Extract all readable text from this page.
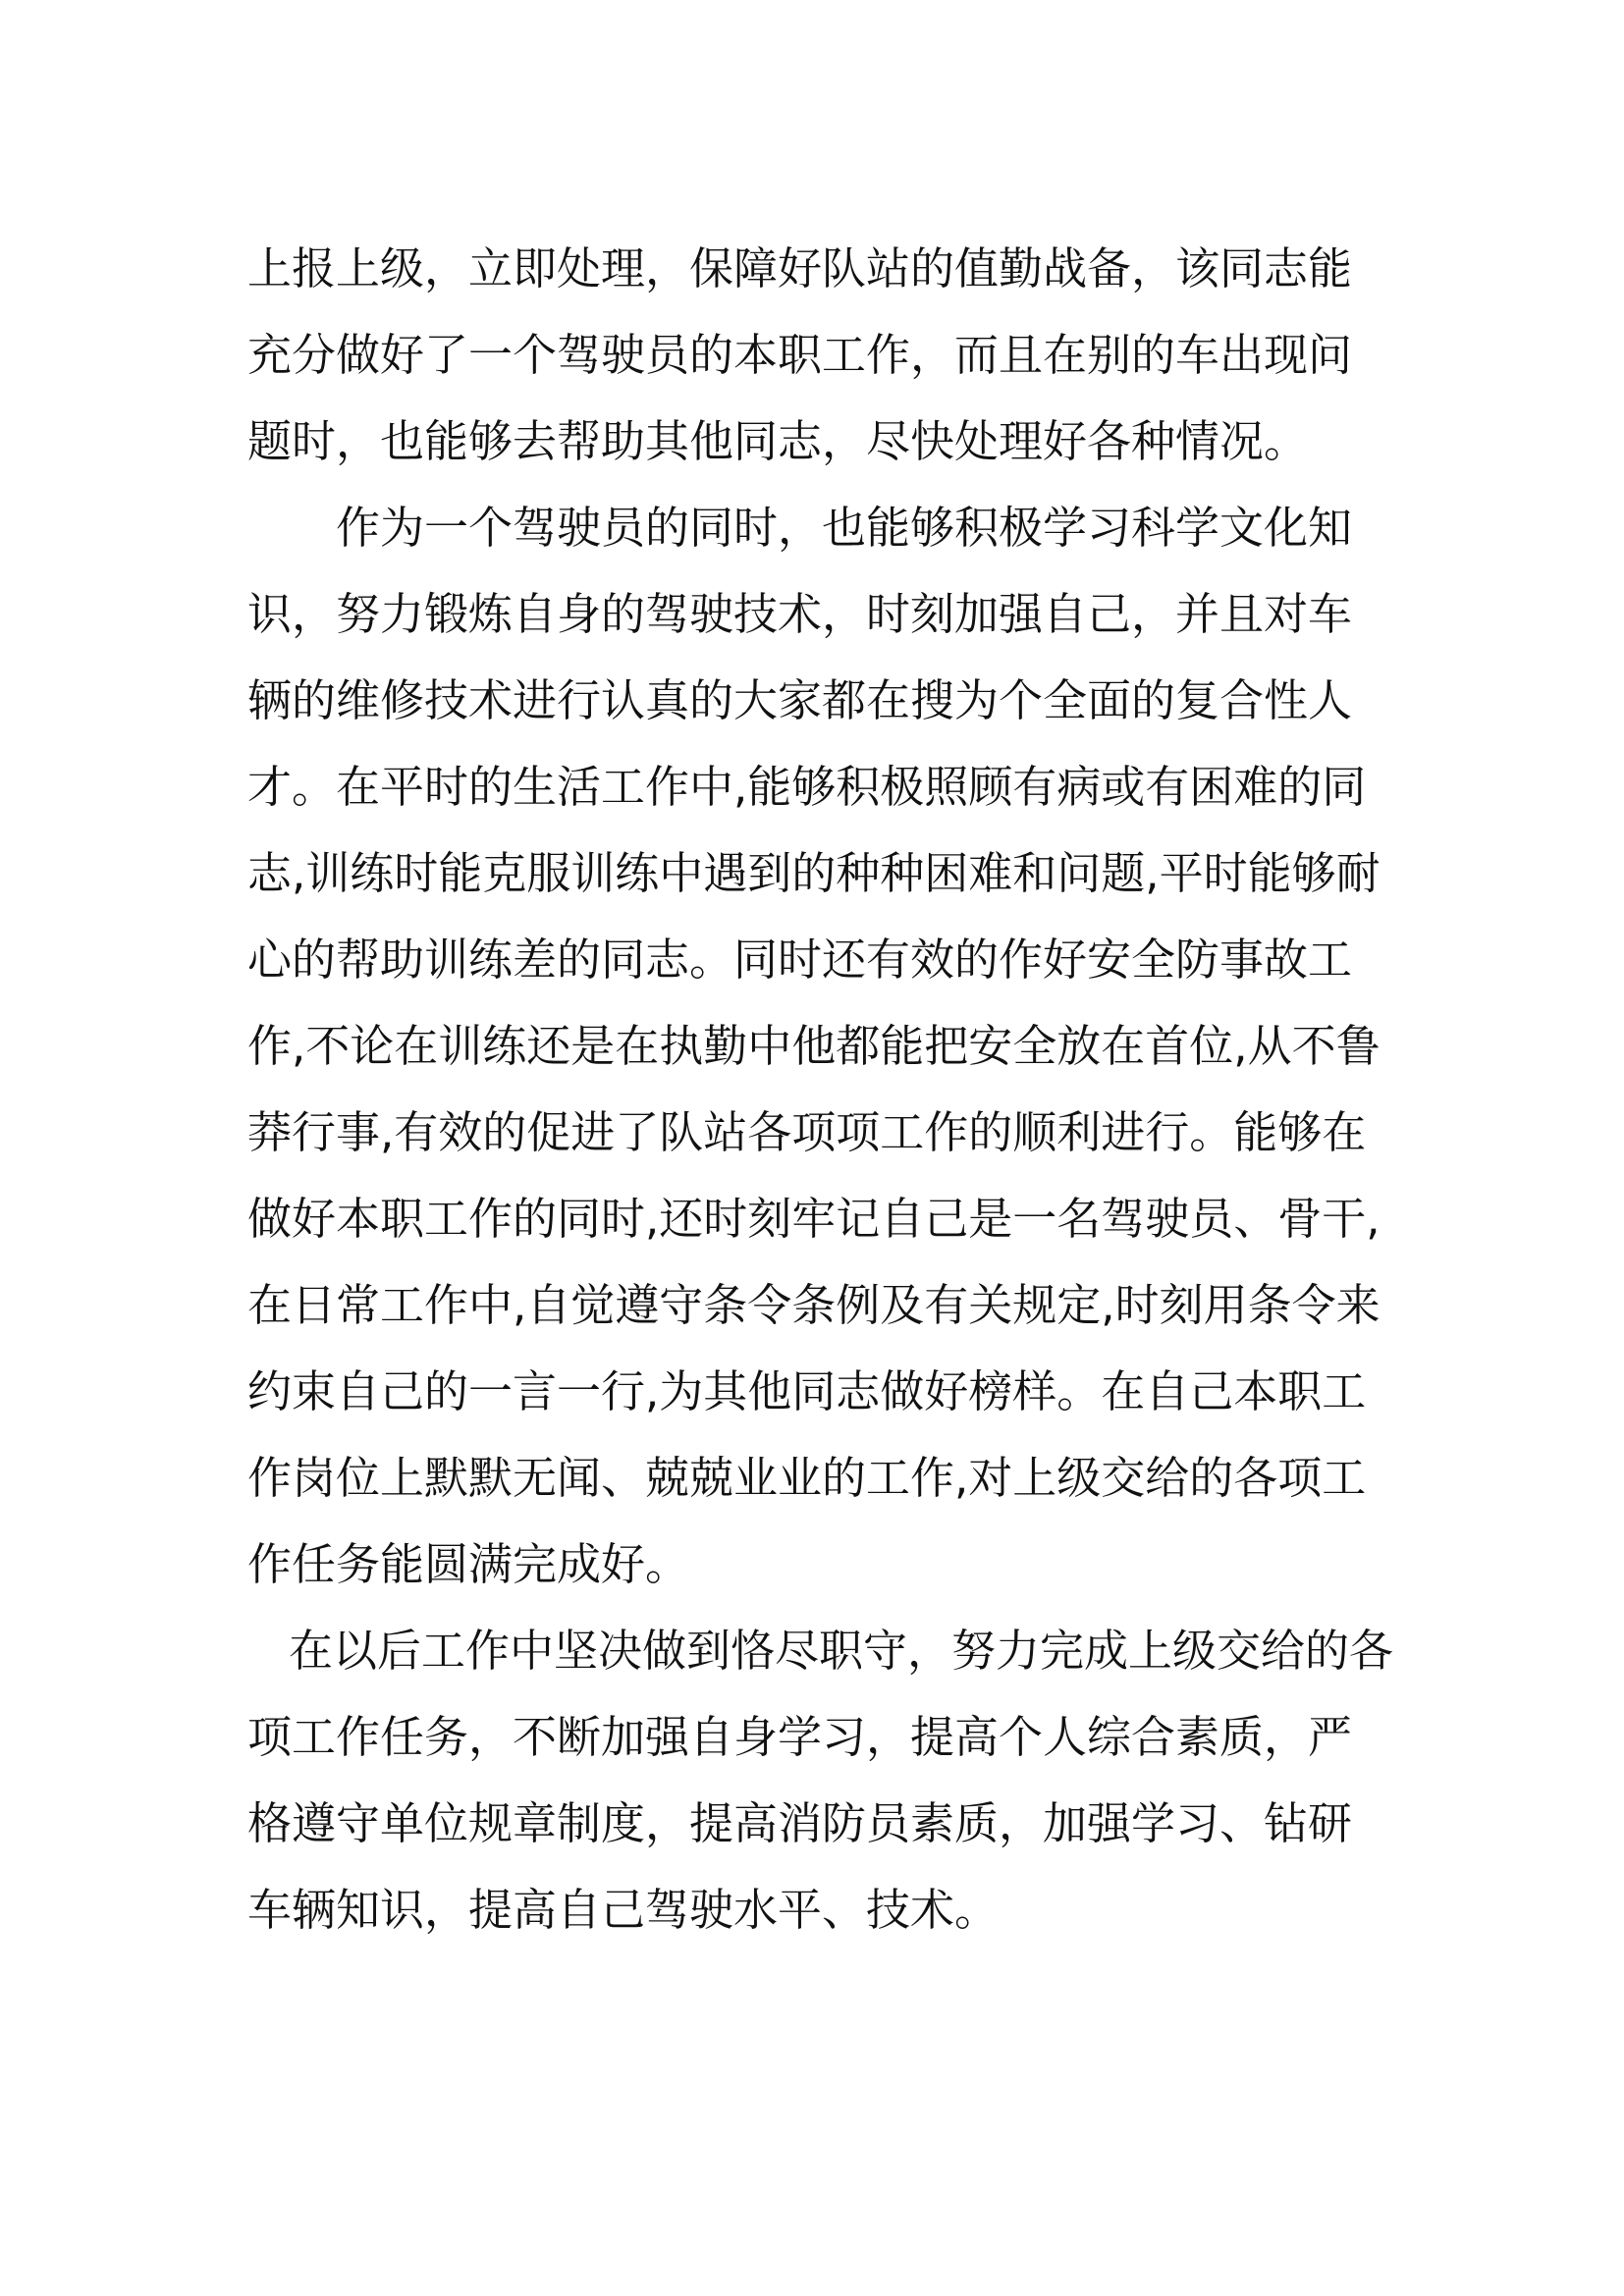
上报上级，立即处理，保障好队站的值勤战备，该同志能
充分做好了一个驾驶员的本职工作，而且在别的车出现问
题时，也能够去帮助其他同志，尽快处理好各种情况。
作为一个驾驶员的同时，也能够积极学习科学文化知
识，努力锻炼自身的驾驶技术，时刻加强自己，并且对车
辆的维修技术进行认真的大家都在搜为个全面的复合性人
才。在平时的生活工作中,能够积极照顾有病或有困难的同
志,训练时能克服训练中遇到的种种困难和问题,平时能够耐
心的帮助训练差的同志。同时还有效的作好安全防事故工
作,不论在训练还是在执勤中他都能把安全放在首位,从不鲁
莽行事,有效的促进了队站各项项工作的顺利进行。能够在
做好本职工作的同时,还时刻牢记自己是一名驾驶员、骨干,
在日常工作中,自觉遵守条令条例及有关规定,时刻用条令来
约束自己的一言一行,为其他同志做好榜样。在自己本职工
作岗位上默默无闻、兢兢业业的工作,对上级交给的各项工
作任务能圆满完成好。
在以后工作中坚决做到恪尽职守，努力完成上级交给的各
项工作任务，不断加强自身学习，提高个人综合素质，严
格遵守单位规章制度，提高消防员素质，加强学习、钻研
车辆知识，提高自己驾驶水平、技术。
